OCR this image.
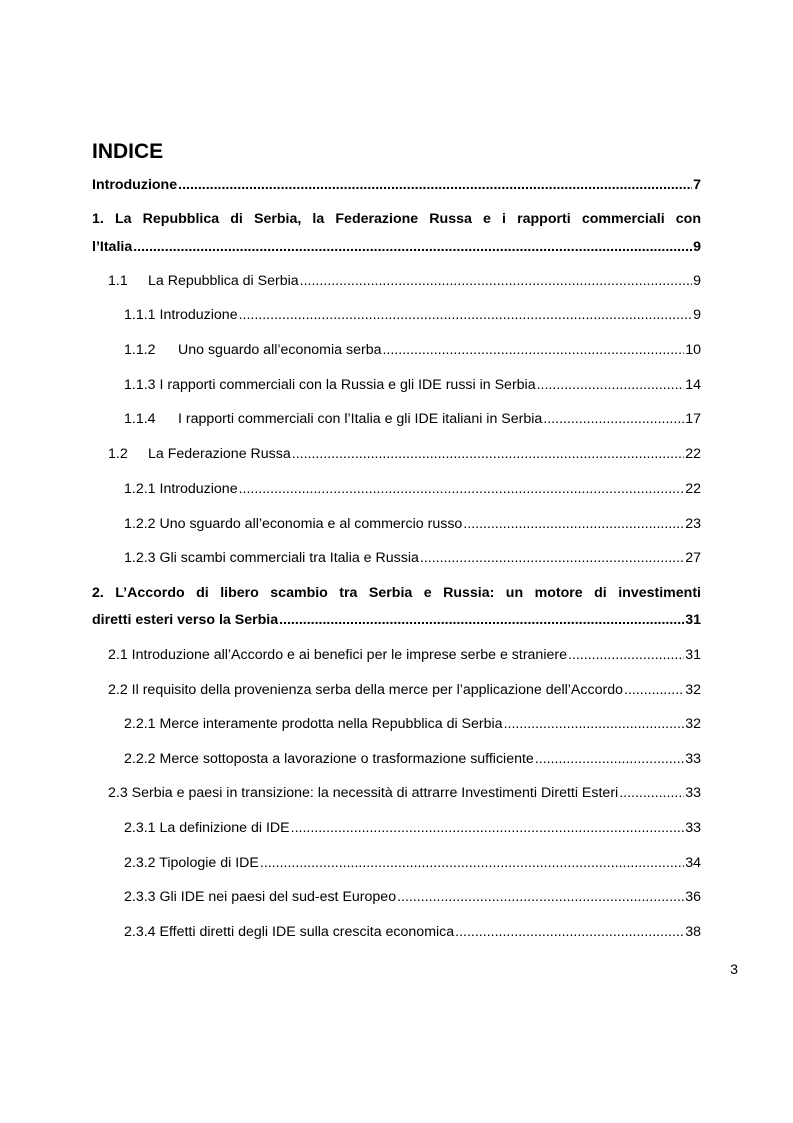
INDICE
Introduzione .....	7
1. La Repubblica di Serbia, la Federazione Russa e i rapporti commerciali con
l’Italia .....	9
1.1 La Repubblica di Serbia .....	9
1.1.1 Introduzione .....	9
1.1.2 Uno sguardo all’economia serba .....	10
1.1.3 I rapporti commerciali con la Russia e gli IDE russi in Serbia .....	14
1.1.4 I rapporti commerciali con l’Italia e gli IDE italiani in Serbia .....	17
1.2 La Federazione Russa .....	22
1.2.1 Introduzione .....	22
1.2.2 Uno sguardo all’economia e al commercio russo .....	23
1.2.3 Gli scambi commerciali tra Italia e Russia .....	27
2. L’Accordo di libero scambio tra Serbia e Russia: un motore di investimenti
diretti esteri verso la Serbia .....	31
2.1 Introduzione all’Accordo e ai benefici per le imprese serbe e straniere .....	31
2.2 Il requisito della provenienza serba della merce per l’applicazione dell’Accordo .....	32
2.2.1 Merce interamente prodotta nella Repubblica di Serbia .....	32
2.2.2 Merce sottoposta a lavorazione o trasformazione sufficiente .....	33
2.3 Serbia e paesi in transizione: la necessità di attrarre Investimenti Diretti Esteri .....	33
2.3.1 La definizione di IDE .....	33
2.3.2 Tipologie di IDE .....	34
2.3.3 Gli IDE nei paesi del sud-est Europeo .....	36
2.3.4 Effetti diretti degli IDE sulla crescita economica .....	38
3
